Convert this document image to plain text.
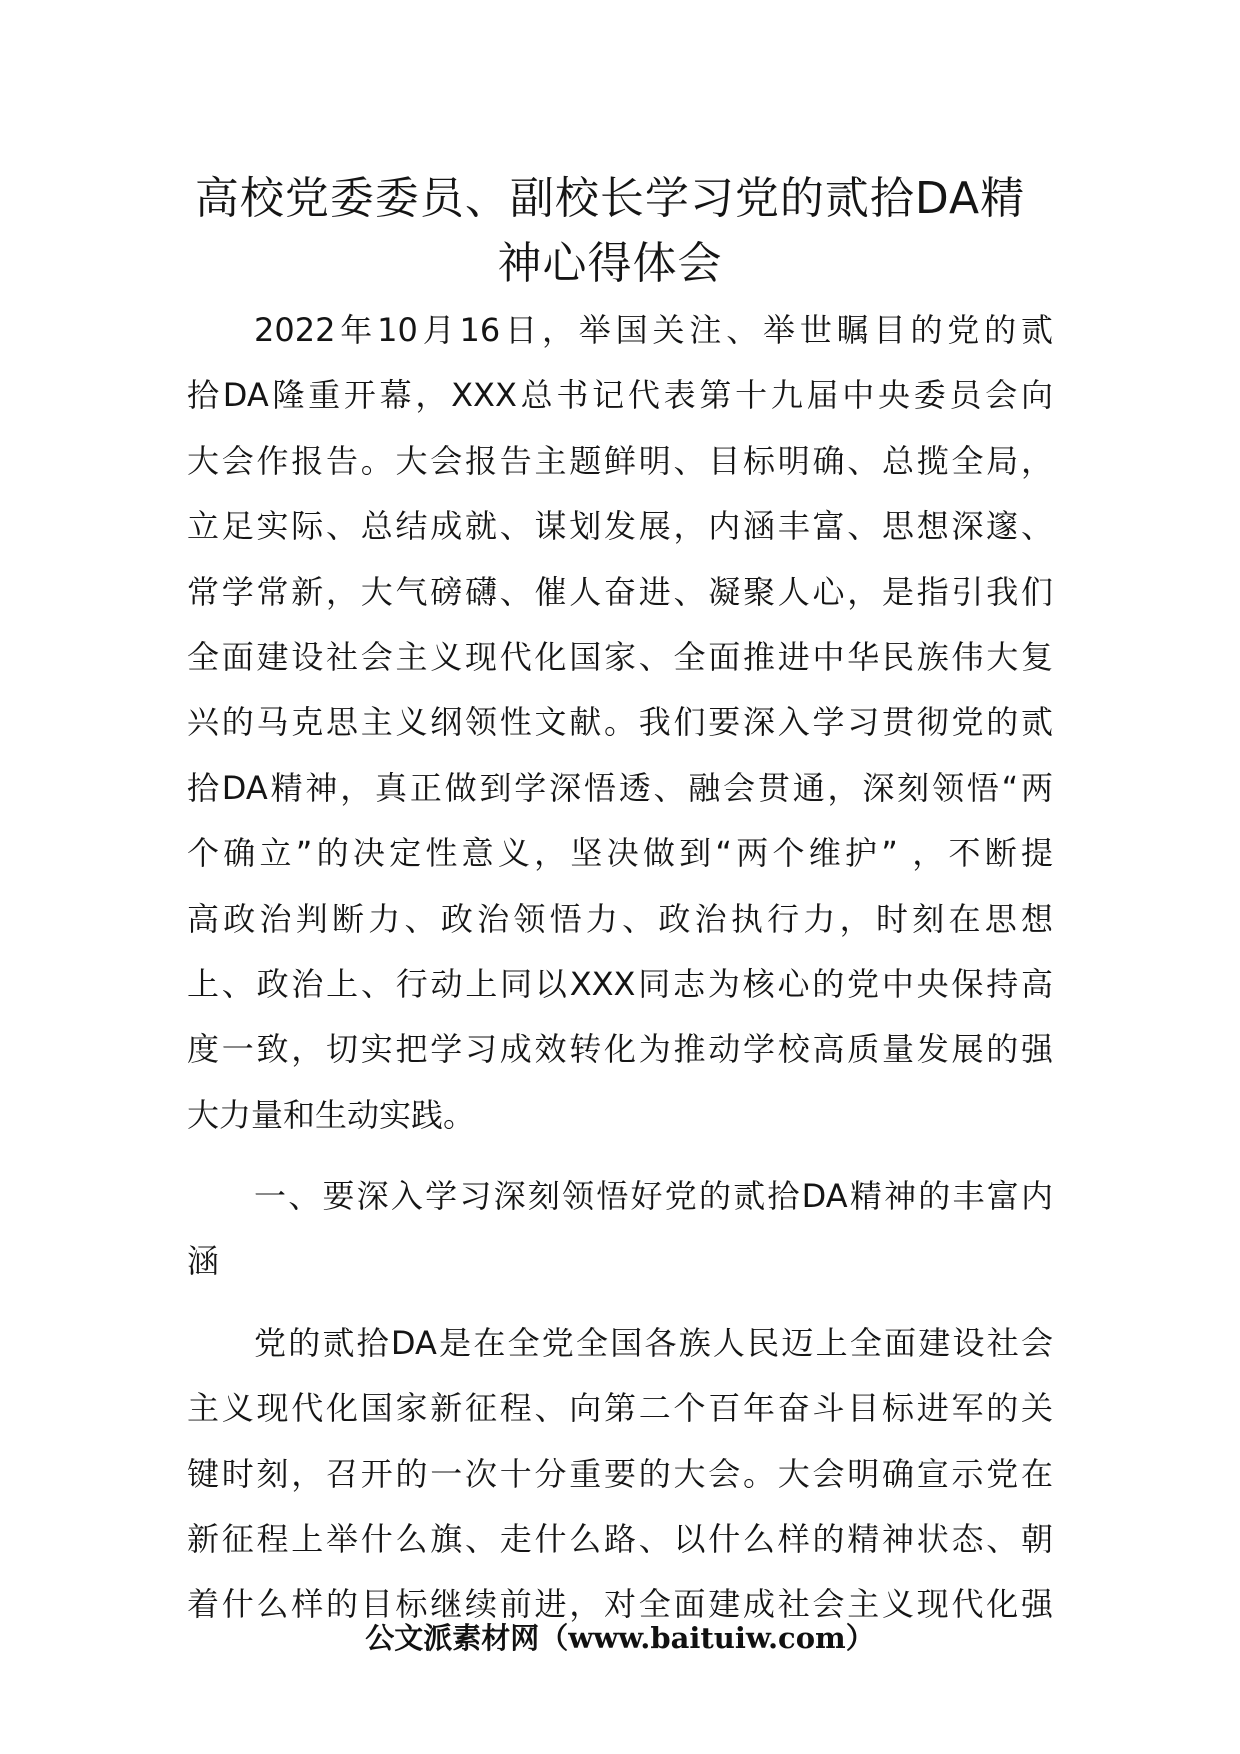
高校党委委员、副校长学习党的贰拾DA精
神心得体会
2022年10月16日，举国关注、举世瞩目的党的贰
拾DA隆重开幕，XXX总书记代表第十九届中央委员会向
大会作报告。大会报告主题鲜明、目标明确、总揽全局，
立足实际、总结成就、谋划发展，内涵丰富、思想深邃、
常学常新，大气磅礴、催人奋进、凝聚人心，是指引我们
全面建设社会主义现代化国家、全面推进中华民族伟大复
兴的马克思主义纲领性文献。我们要深入学习贯彻党的贰
拾DA精神，真正做到学深悟透、融会贯通，深刻领悟“两
个确立”的决定性意义，坚决做到“两个维护” ，不断提
高政治判断力、政治领悟力、政治执行力，时刻在思想
上、政治上、行动上同以XXX同志为核心的党中央保持高
度一致，切实把学习成效转化为推动学校高质量发展的强
大力量和生动实践。
一、要深入学习深刻领悟好党的贰拾DA精神的丰富内
涵
党的贰拾DA是在全党全国各族人民迈上全面建设社会
主义现代化国家新征程、向第二个百年奋斗目标进军的关
键时刻，召开的一次十分重要的大会。大会明确宣示党在
新征程上举什么旗、走什么路、以什么样的精神状态、朝
着什么样的目标继续前进，对全面建成社会主义现代化强
公文派素材网（www.baituiw.com）
